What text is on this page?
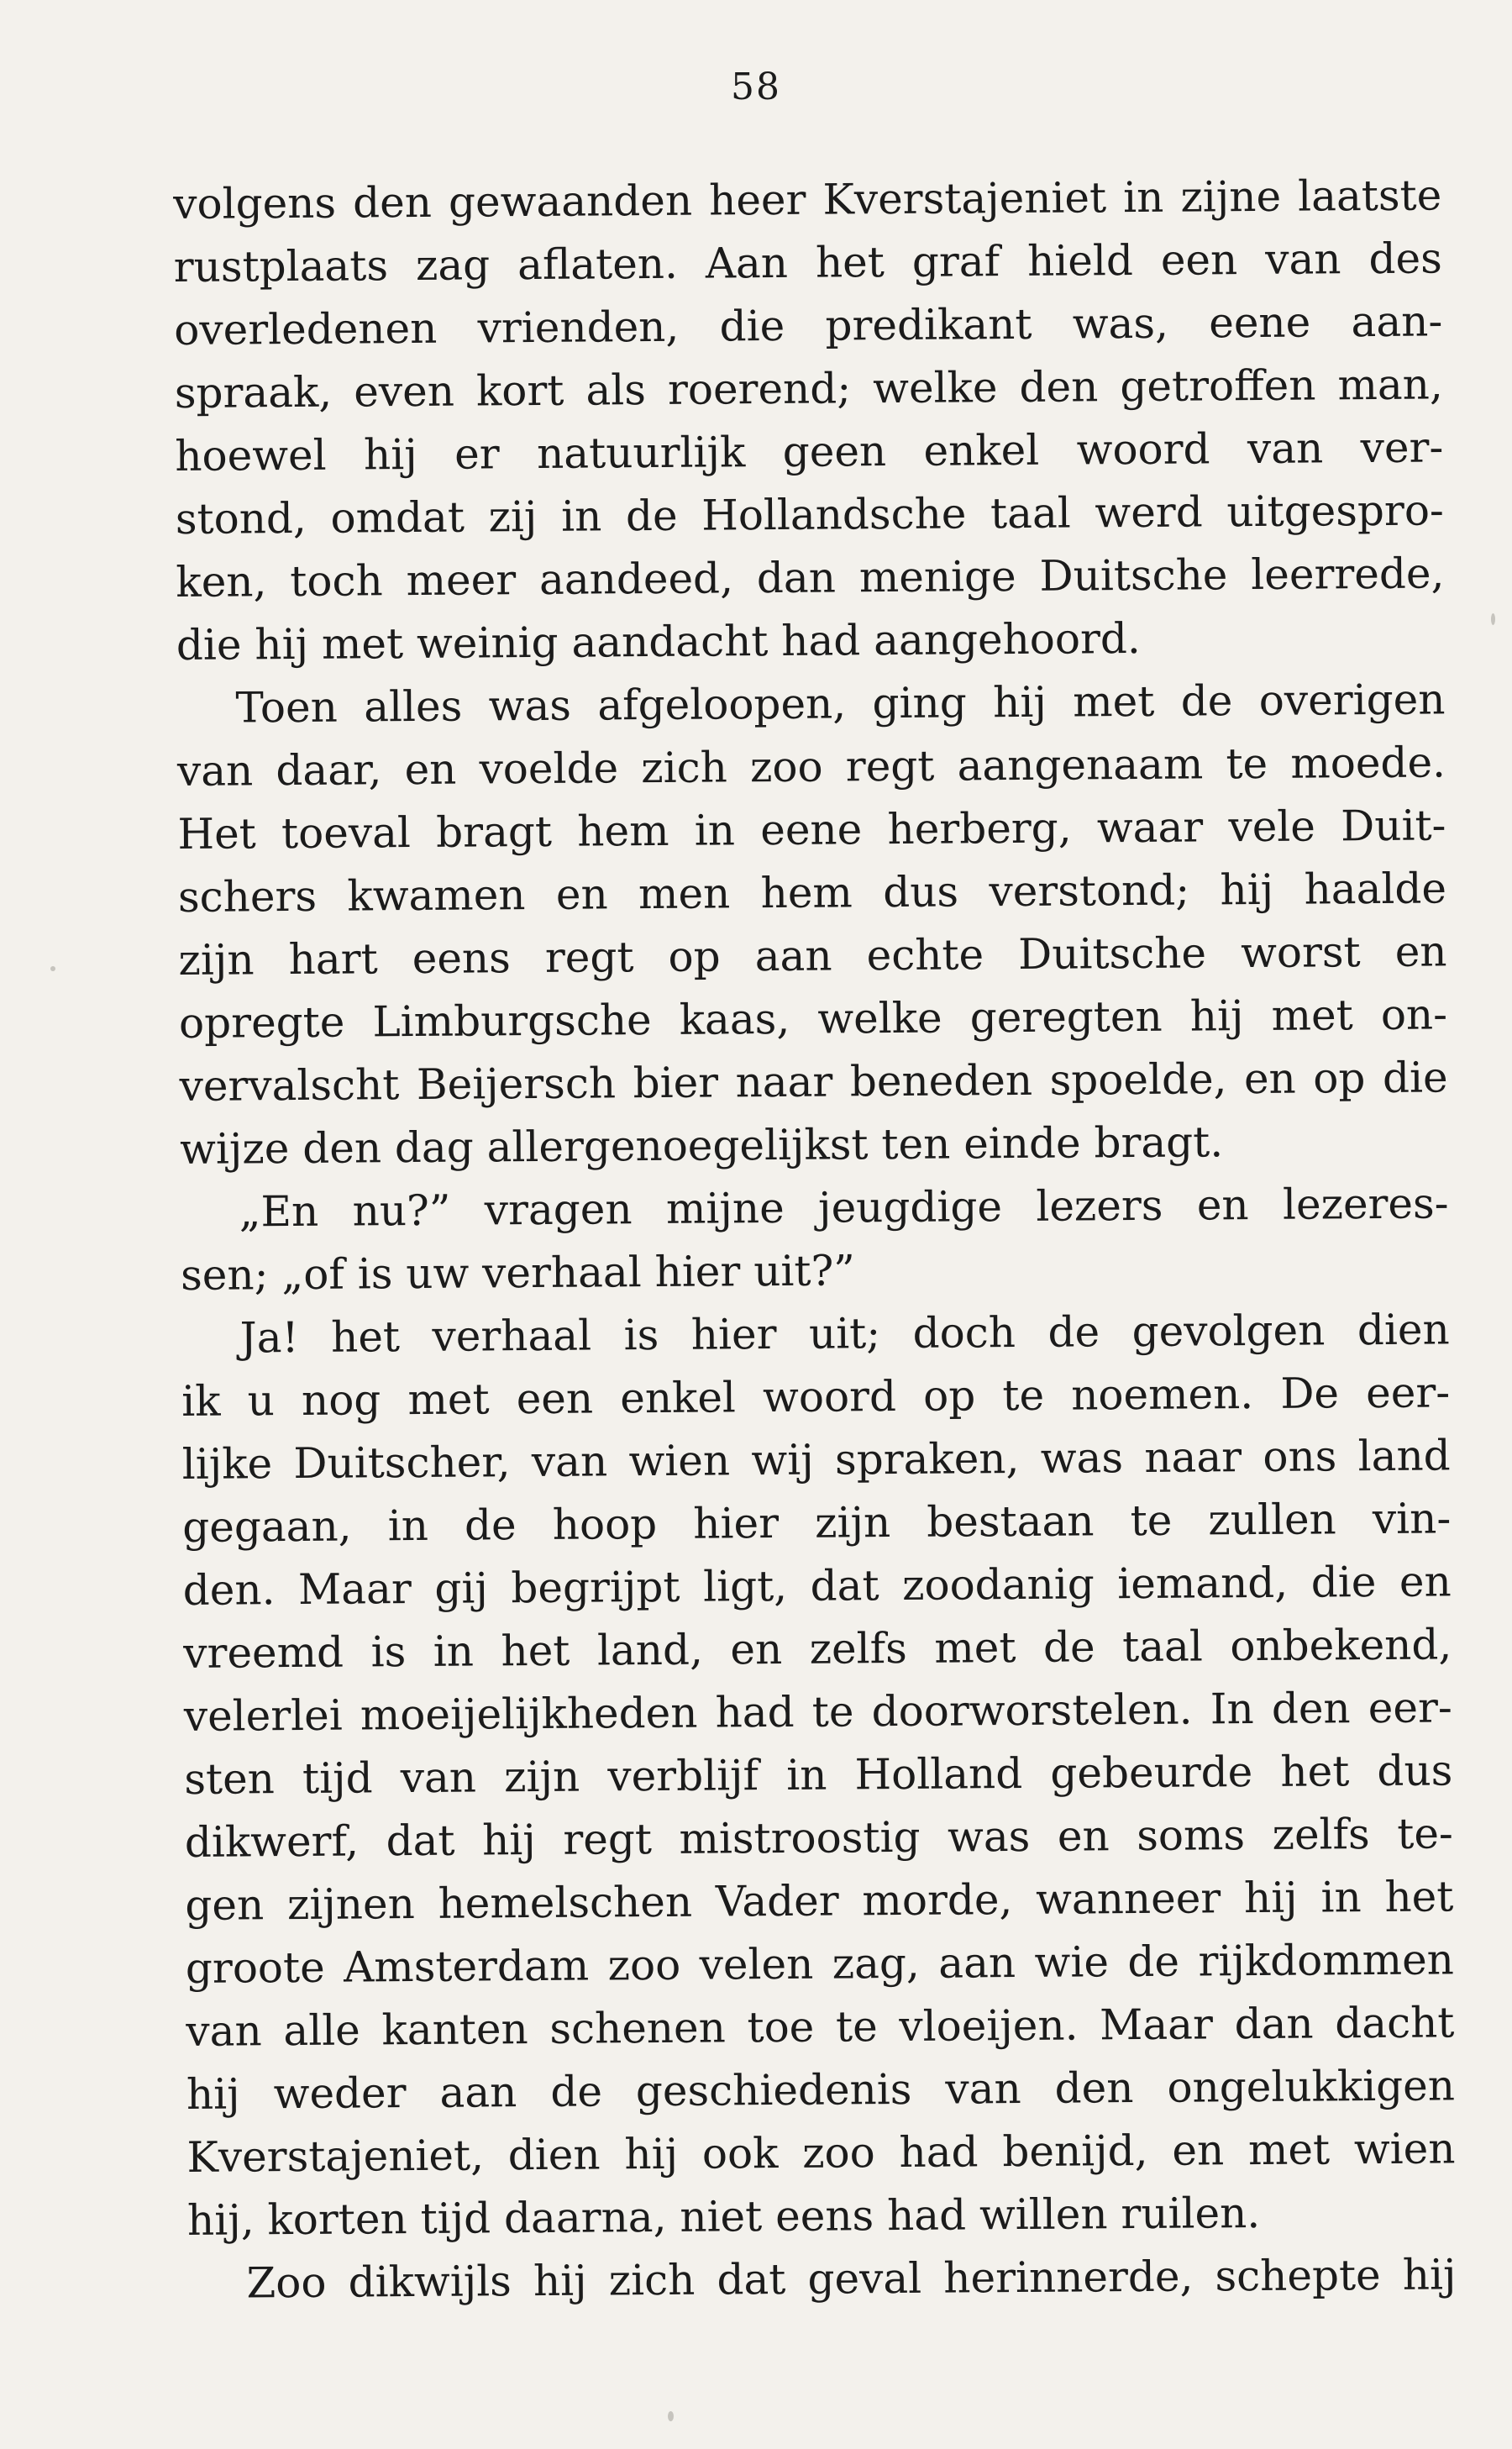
58
volgens den gewaanden heer Kverstajeniet in zijne laatste
rustplaats zag aflaten. Aan het graf hield een van des
overledenen vrienden, die predikant was, eene aan-
spraak, even kort als roerend; welke den getroffen man,
hoewel hij er natuurlijk geen enkel woord van ver-
stond, omdat zij in de Hollandsche taal werd uitgespro-
ken, toch meer aandeed, dan menige Duitsche leerrede,
die hij met weinig aandacht had aangehoord.
Toen alles was afgeloopen, ging hij met de overigen
van daar, en voelde zich zoo regt aangenaam te moede.
Het toeval bragt hem in eene herberg, waar vele Duit-
schers kwamen en men hem dus verstond; hij haalde
zijn hart eens regt op aan echte Duitsche worst en
opregte Limburgsche kaas, welke geregten hij met on-
vervalscht Beijersch bier naar beneden spoelde, en op die
wijze den dag allergenoegelijkst ten einde bragt.
„En nu?” vragen mijne jeugdige lezers en lezeres-
sen; „of is uw verhaal hier uit?”
Ja! het verhaal is hier uit; doch de gevolgen dien
ik u nog met een enkel woord op te noemen. De eer-
lijke Duitscher, van wien wij spraken, was naar ons land
gegaan, in de hoop hier zijn bestaan te zullen vin-
den. Maar gij begrijpt ligt, dat zoodanig iemand, die en
vreemd is in het land, en zelfs met de taal onbekend,
velerlei moeijelijkheden had te doorworstelen. In den eer-
sten tijd van zijn verblijf in Holland gebeurde het dus
dikwerf, dat hij regt mistroostig was en soms zelfs te-
gen zijnen hemelschen Vader morde, wanneer hij in het
groote Amsterdam zoo velen zag, aan wie de rijkdommen
van alle kanten schenen toe te vloeijen. Maar dan dacht
hij weder aan de geschiedenis van den ongelukkigen
Kverstajeniet, dien hij ook zoo had benijd, en met wien
hij, korten tijd daarna, niet eens had willen ruilen.
Zoo dikwijls hij zich dat geval herinnerde, schepte hij
